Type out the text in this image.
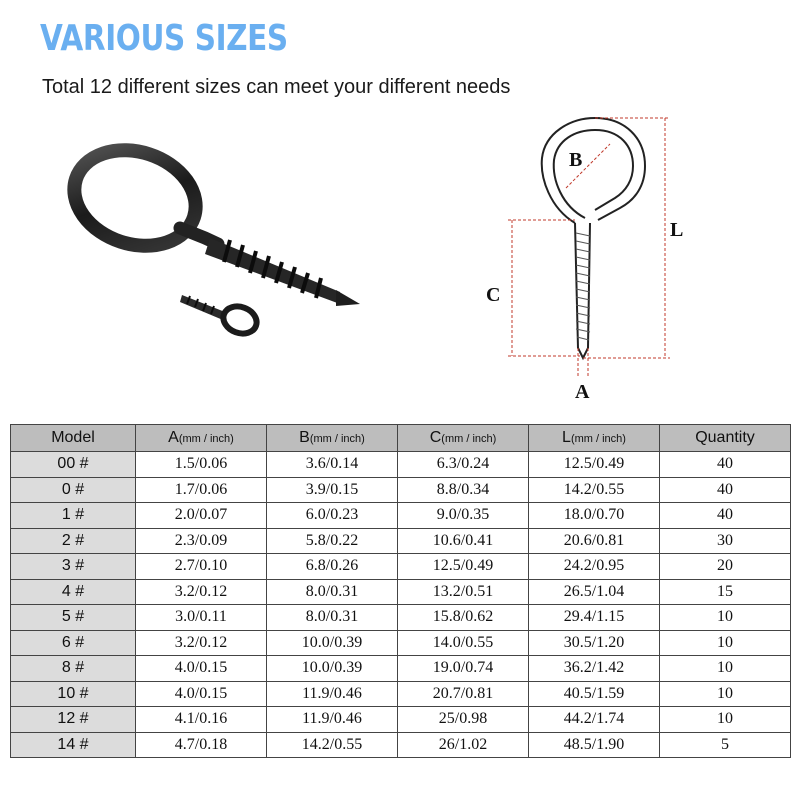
VARIOUS SIZES
Total 12 different sizes can meet your different needs
B
L
C
A
Model	A(mm / inch)	B(mm / inch)	C(mm / inch)	L(mm / inch)	Quantity
00 #	1.5/0.06	3.6/0.14	6.3/0.24	12.5/0.49	40
0 #	1.7/0.06	3.9/0.15	8.8/0.34	14.2/0.55	40
1 #	2.0/0.07	6.0/0.23	9.0/0.35	18.0/0.70	40
2 #	2.3/0.09	5.8/0.22	10.6/0.41	20.6/0.81	30
3 #	2.7/0.10	6.8/0.26	12.5/0.49	24.2/0.95	20
4 #	3.2/0.12	8.0/0.31	13.2/0.51	26.5/1.04	15
5 #	3.0/0.11	8.0/0.31	15.8/0.62	29.4/1.15	10
6 #	3.2/0.12	10.0/0.39	14.0/0.55	30.5/1.20	10
8 #	4.0/0.15	10.0/0.39	19.0/0.74	36.2/1.42	10
10 #	4.0/0.15	11.9/0.46	20.7/0.81	40.5/1.59	10
12 #	4.1/0.16	11.9/0.46	25/0.98	44.2/1.74	10
14 #	4.7/0.18	14.2/0.55	26/1.02	48.5/1.90	5
